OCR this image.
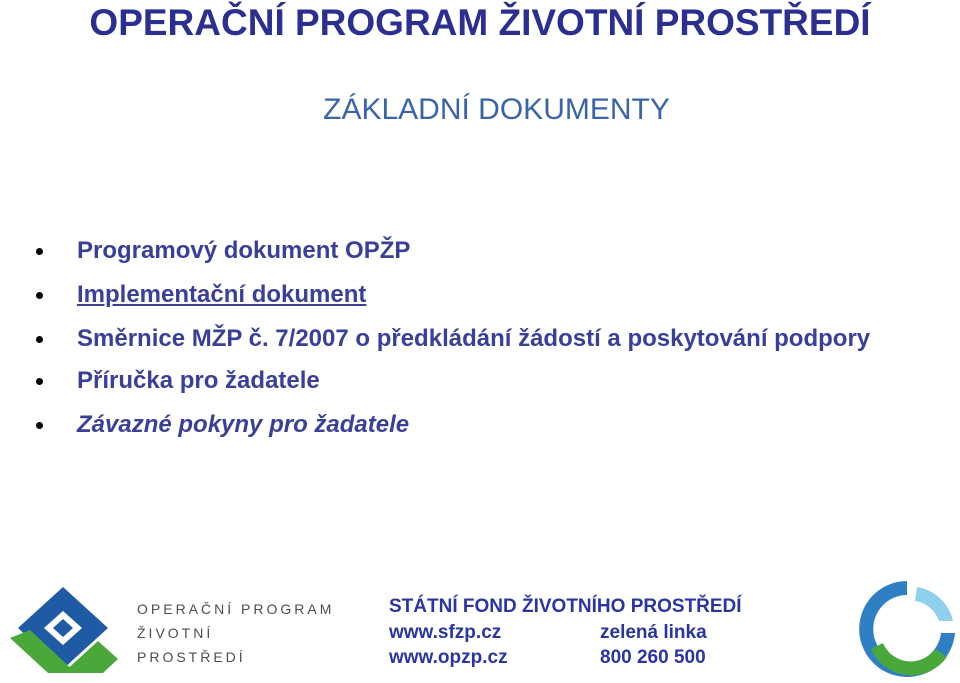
OPERAČNÍ PROGRAM ŽIVOTNÍ PROSTŘEDÍ
ZÁKLADNÍ DOKUMENTY
Programový dokument OPŽP
Implementační dokument
Směrnice MŽP č. 7/2007 o předkládání žádostí a poskytování podpory
Příručka pro žadatele
Závazné pokyny pro žadatele
OPERAČNÍ PROGRAM
ŽIVOTNÍ
PROSTŘEDÍ
STÁTNÍ FOND ŽIVOTNÍHO PROSTŘEDÍ
www.sfzp.cz
www.opzp.cz
zelená linka
800 260 500
